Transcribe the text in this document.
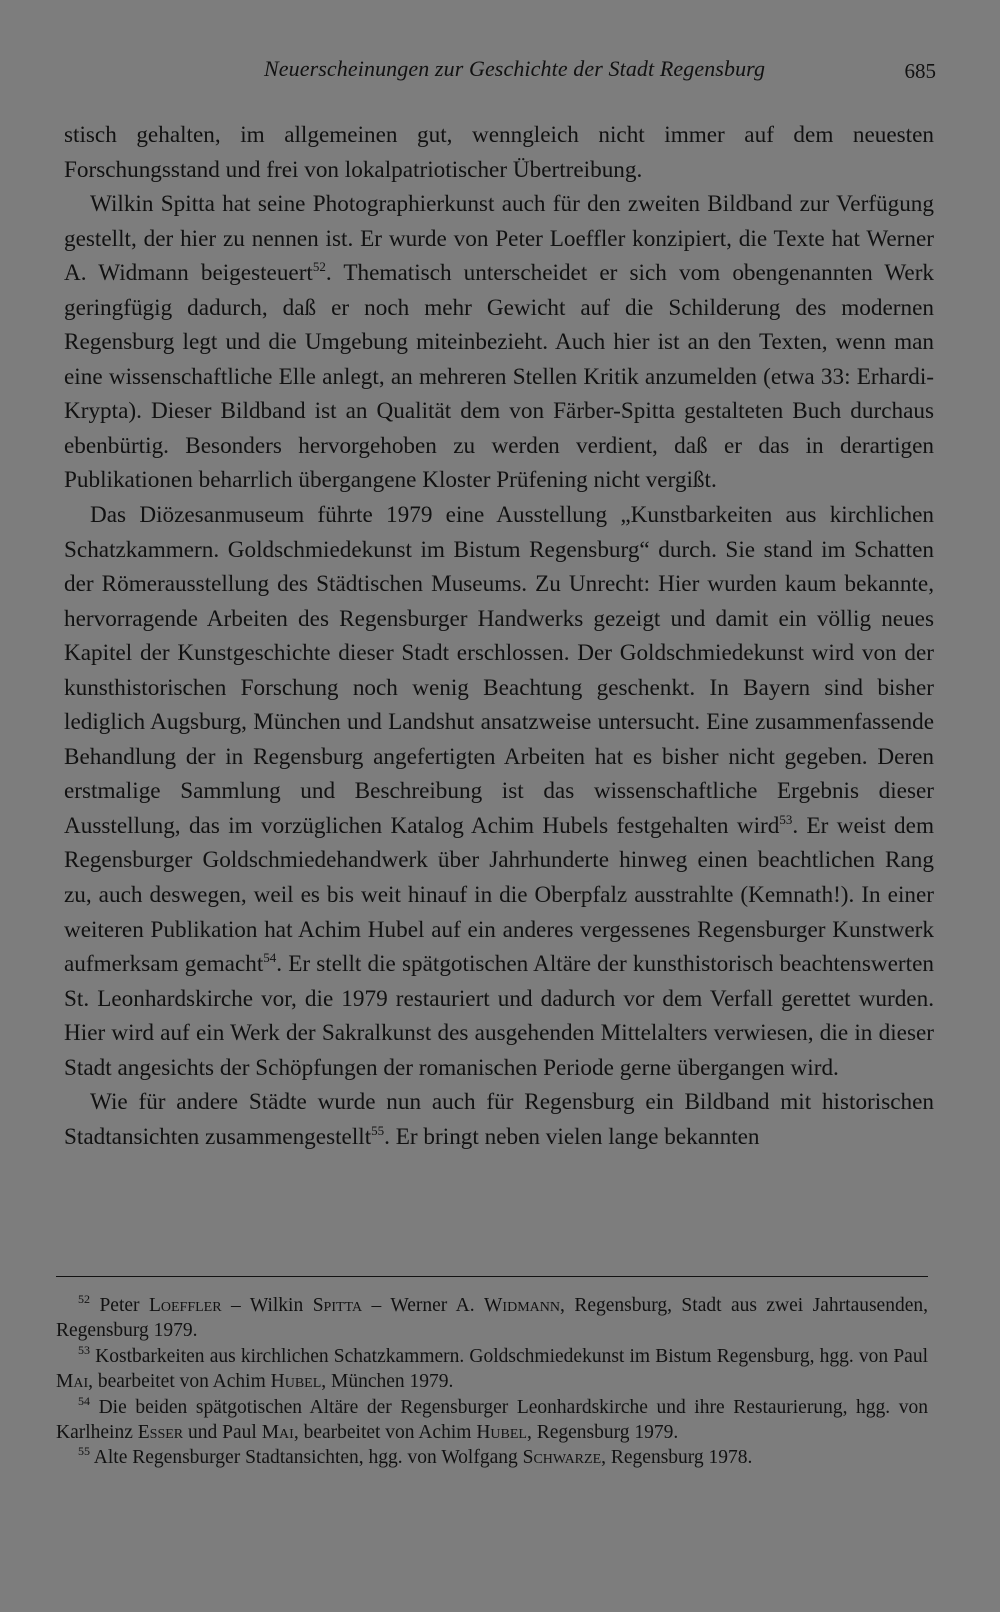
Neuerscheinungen zur Geschichte der Stadt Regensburg	685

stisch gehalten, im allgemeinen gut, wenngleich nicht immer auf dem neuesten Forschungsstand und frei von lokalpatriotischer Übertreibung.

Wilkin Spitta hat seine Photographierkunst auch für den zweiten Bildband zur Verfügung gestellt, der hier zu nennen ist. Er wurde von Peter Loeffler konzipiert, die Texte hat Werner A. Widmann beigesteuert$^{52}$. Thematisch unterscheidet er sich vom obengenannten Werk geringfügig dadurch, daß er noch mehr Gewicht auf die Schilderung des modernen Regensburg legt und die Umgebung miteinbezieht. Auch hier ist an den Texten, wenn man eine wissenschaftliche Elle anlegt, an mehreren Stellen Kritik anzumelden (etwa 33: Erhardi-Krypta). Dieser Bildband ist an Qualität dem von Färber-Spitta gestalteten Buch durchaus ebenbürtig. Besonders hervorgehoben zu werden verdient, daß er das in derartigen Publikationen beharrlich übergangene Kloster Prüfening nicht vergißt.

Das Diözesanmuseum führte 1979 eine Ausstellung „Kunstbarkeiten aus kirchlichen Schatzkammern. Goldschmiedekunst im Bistum Regensburg“ durch. Sie stand im Schatten der Römerausstellung des Städtischen Museums. Zu Unrecht: Hier wurden kaum bekannte, hervorragende Arbeiten des Regensburger Handwerks gezeigt und damit ein völlig neues Kapitel der Kunstgeschichte dieser Stadt erschlossen. Der Goldschmiedekunst wird von der kunsthistorischen Forschung noch wenig Beachtung geschenkt. In Bayern sind bisher lediglich Augsburg, München und Landshut ansatzweise untersucht. Eine zusammenfassende Behandlung der in Regensburg angefertigten Arbeiten hat es bisher nicht gegeben. Deren erstmalige Sammlung und Beschreibung ist das wissenschaftliche Ergebnis dieser Ausstellung, das im vorzüglichen Katalog Achim Hubels festgehalten wird$^{53}$. Er weist dem Regensburger Goldschmiedehandwerk über Jahrhunderte hinweg einen beachtlichen Rang zu, auch deswegen, weil es bis weit hinauf in die Oberpfalz ausstrahlte (Kemnath!). In einer weiteren Publikation hat Achim Hubel auf ein anderes vergessenes Regensburger Kunstwerk aufmerksam gemacht$^{54}$. Er stellt die spätgotischen Altäre der kunsthistorisch beachtenswerten St. Leonhardskirche vor, die 1979 restauriert und dadurch vor dem Verfall gerettet wurden. Hier wird auf ein Werk der Sakralkunst des ausgehenden Mittelalters verwiesen, die in dieser Stadt angesichts der Schöpfungen der romanischen Periode gerne übergangen wird.

Wie für andere Städte wurde nun auch für Regensburg ein Bildband mit historischen Stadtansichten zusammengestellt$^{55}$. Er bringt neben vielen lange bekannten

$^{52}$ Peter Loeffler – Wilkin Spitta – Werner A. Widmann, Regensburg, Stadt aus zwei Jahrtausenden, Regensburg 1979.

$^{53}$ Kostbarkeiten aus kirchlichen Schatzkammern. Goldschmiedekunst im Bistum Regensburg, hgg. von Paul Mai, bearbeitet von Achim Hubel, München 1979.

$^{54}$ Die beiden spätgotischen Altäre der Regensburger Leonhardskirche und ihre Restaurierung, hgg. von Karlheinz Esser und Paul Mai, bearbeitet von Achim Hubel, Regensburg 1979.

$^{55}$ Alte Regensburger Stadtansichten, hgg. von Wolfgang Schwarze, Regensburg 1978.
